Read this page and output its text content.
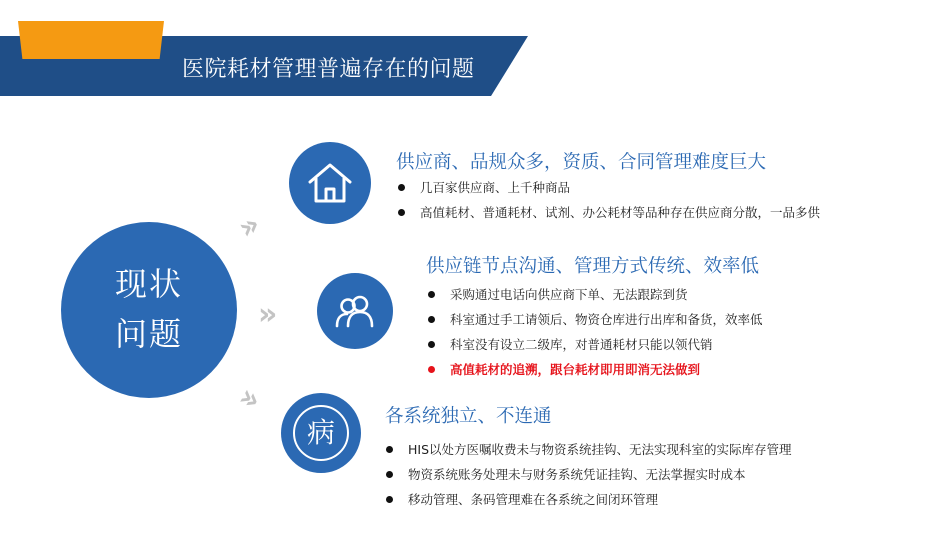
医院耗材管理普遍存在的问题
现状
问题
»
»
»
病
供应商、品规众多，资质、合同管理难度巨大
几百家供应商、上千种商品
高值耗材、普通耗材、试剂、办公耗材等品种存在供应商分散，一品多供
供应链节点沟通、管理方式传统、效率低
采购通过电话向供应商下单、无法跟踪到货
科室通过手工请领后、物资仓库进行出库和备货，效率低
科室没有设立二级库，对普通耗材只能以领代销
高值耗材的追溯，跟台耗材即用即消无法做到
各系统独立、不连通
HIS以处方医嘱收费未与物资系统挂钩、无法实现科室的实际库存管理
物资系统账务处理未与财务系统凭证挂钩、无法掌握实时成本
移动管理、条码管理难在各系统之间闭环管理
